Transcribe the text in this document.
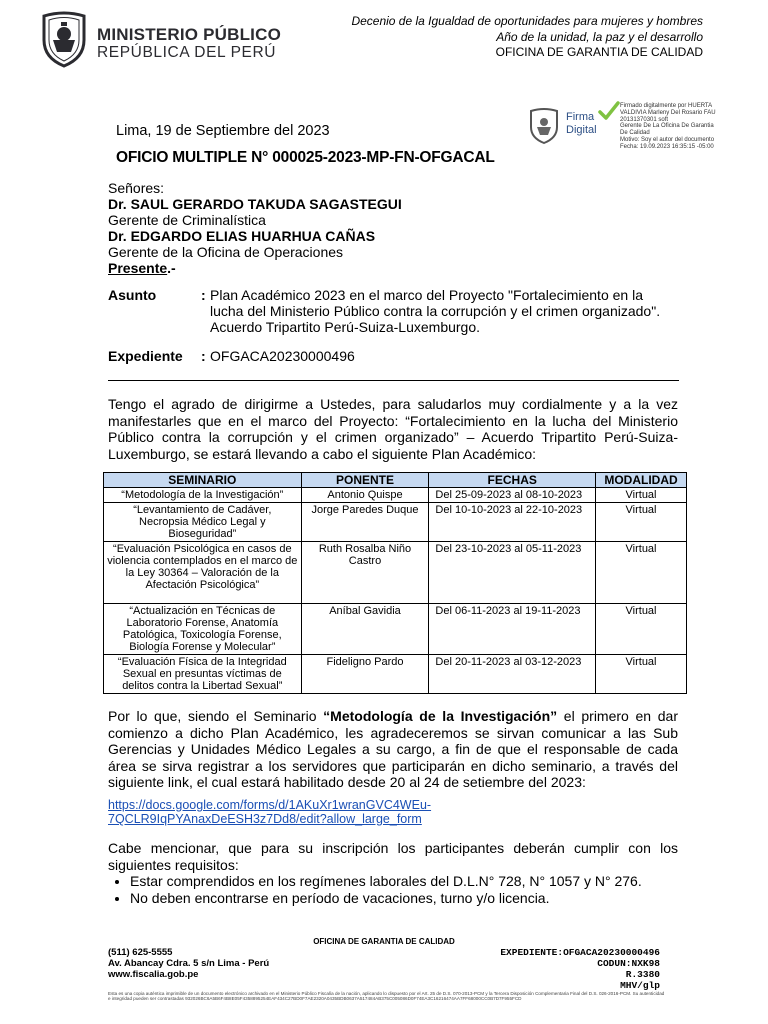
MINISTERIO PÚBLICO
REPÚBLICA DEL PERÚ
Decenio de la Igualdad de oportunidades para mujeres y hombres
Año de la unidad, la paz y el desarrollo
OFICINA DE GARANTIA DE CALIDAD
Firma
Digital
Firmado digitalmente por HUERTA
VALDIVIA Marleny Del Rosario FAU
20131370301 soft
Gerente De La Oficina De Garantia
De Calidad
Motivo: Soy el autor del documento
Fecha: 19.09.2023 16:35:15 -05:00
Lima, 19 de Septiembre del 2023
OFICIO MULTIPLE N° 000025-2023-MP-FN-OFGACAL
Señores:
Dr. SAUL GERARDO TAKUDA SAGASTEGUI
Gerente de Criminalística
Dr. EDGARDO ELIAS HUARHUA CAÑAS
Gerente de la Oficina de Operaciones
Presente.-
Asunto	: Plan Académico 2023 en el marco del Proyecto "Fortalecimiento en la
lucha del Ministerio Público contra la corrupción y el crimen organizado".
Acuerdo Tripartito Perú-Suiza-Luxemburgo.
Expediente : OFGACA20230000496
Tengo el agrado de dirigirme a Ustedes, para saludarlos muy cordialmente y a la vez manifestarles que en el marco del Proyecto: “Fortalecimiento en la lucha del Ministerio Público contra la corrupción y el crimen organizado” – Acuerdo Tripartito Perú-Suiza-Luxemburgo, se estará llevando a cabo el siguiente Plan Académico:
SEMINARIO	PONENTE	FECHAS	MODALIDAD
“Metodología de la Investigación”	Antonio Quispe	Del 25-09-2023 al 08-10-2023	Virtual
“Levantamiento de Cadáver, Necropsia Médico Legal y Bioseguridad”	Jorge Paredes Duque	Del 10-10-2023 al 22-10-2023	Virtual
“Evaluación Psicológica en casos de violencia contemplados en el marco de la Ley 30364 – Valoración de la Afectación Psicológica”	Ruth Rosalba Niño Castro	Del 23-10-2023 al 05-11-2023	Virtual
“Actualización en Técnicas de Laboratorio Forense, Anatomía Patológica, Toxicología Forense, Biología Forense y Molecular”	Aníbal Gavidia	Del 06-11-2023 al 19-11-2023	Virtual
“Evaluación Física de la Integridad Sexual en presuntas víctimas de delitos contra la Libertad Sexual”	Fideligno Pardo	Del 20-11-2023 al 03-12-2023	Virtual
Por lo que, siendo el Seminario “Metodología de la Investigación” el primero en dar comienzo a dicho Plan Académico, les agradeceremos se sirvan comunicar a las Sub Gerencias y Unidades Médico Legales a su cargo, a fin de que el responsable de cada área se sirva registrar a los servidores que participarán en dicho seminario, a través del siguiente link, el cual estará habilitado desde 20 al 24 de setiembre del 2023:
https://docs.google.com/forms/d/1AKuXr1wranGVC4WEu-
7QCLR9IqPYAnaxDeESH3z7Dd8/edit?allow_large_form
Cabe mencionar, que para su inscripción los participantes deberán cumplir con los siguientes requisitos:
• Estar comprendidos en los regímenes laborales del D.L.N° 728, N° 1057 y N° 276.
• No deben encontrarse en período de vacaciones, turno y/o licencia.
OFICINA DE GARANTIA DE CALIDAD
(511) 625-5555
Av. Abancay Cdra. 5 s/n Lima - Perú
www.fiscalia.gob.pe
EXPEDIENTE:OFGACA20230000496
CODUN:NXK98
R.3380
MHV/glp
Esta es una copia auténtica imprimible de un documento electrónico archivado en el Ministerio Público Fiscalía de la nación, aplicando lo dispuesto por el Art. 25 de D.S. 070-2013-PCM y la Tercera Disposición Complementaria Final del D.S. 026-2016-PCM. Su autenticidad e integridad pueden ser contrastadas 932026BC6A5B6F4B8E05F4358895254EAF434C27BD0F7AE2320A0435BDB0637A517484AB375C005086D0F74EA3C16216474AA7FF68000CC0B7D7F955FCD
